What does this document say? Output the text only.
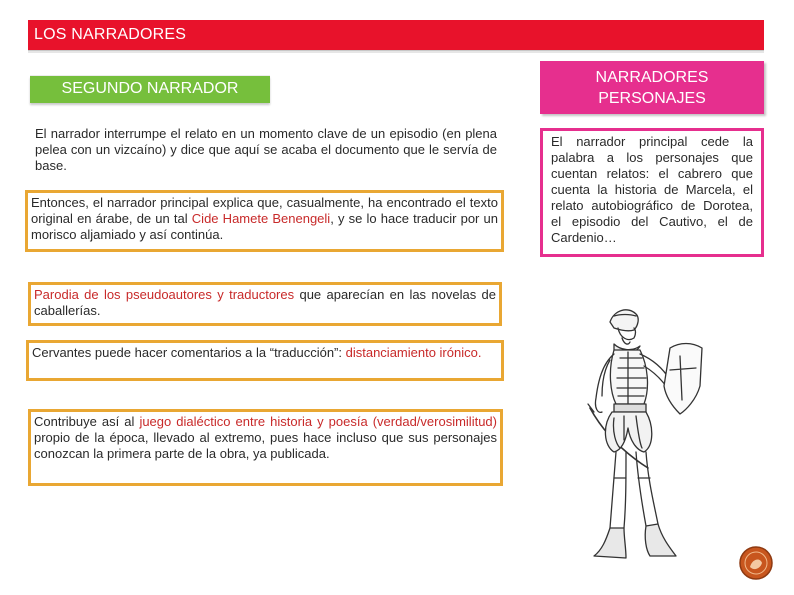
LOS NARRADORES
SEGUNDO NARRADOR
NARRADORES PERSONAJES
El narrador interrumpe el relato en un momento clave de un episodio (en plena pelea con un vizcaíno) y dice que aquí se acaba el documento que le servía de base.
Entonces, el narrador principal explica que, casualmente, ha encontrado el texto original en árabe, de un tal Cide Hamete Benengeli, y se lo hace traducir por un morisco aljamiado y así continúa.
Parodia de los pseudoautores y traductores que aparecían en las novelas de caballerías.
Cervantes puede hacer comentarios a la “traducción”: distanciamiento irónico.
Contribuye así al juego dialéctico entre historia y poesía (verdad/verosimilitud) propio de la época, llevado al extremo, pues hace incluso que sus personajes conozcan la primera parte de la obra, ya publicada.
El narrador principal cede la palabra a los personajes que cuentan relatos: el cabrero que cuenta la historia de Marcela, el relato autobiográfico de Dorotea, el episodio del Cautivo, el de Cardenio…
